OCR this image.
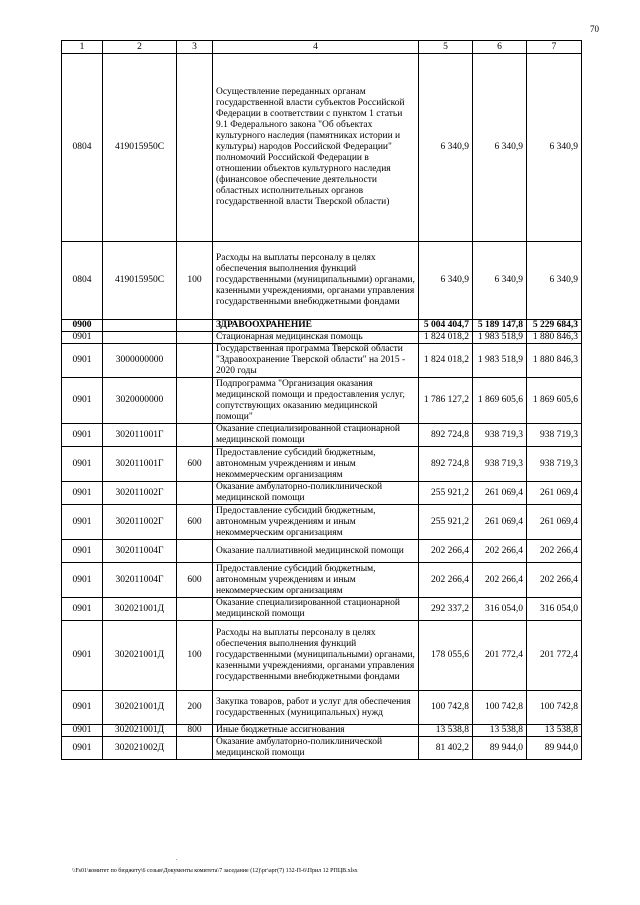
70
1	2	3	4	5	6	7
0804	419015950С		Осуществление переданных органам государственной власти субъектов Российской Федерации в соответствии с пунктом 1 статьи 9.1 Федерального закона "Об объектах культурного наследия (памятниках истории и культуры) народов Российской Федерации" полномочий Российской Федерации в отношении объектов культурного наследия (финансовое обеспечение деятельности областных исполнительных органов государственной власти Тверской области)	6 340,9	6 340,9	6 340,9
0804	419015950С	100	Расходы на выплаты персоналу в целях обеспечения выполнения функций государственными (муниципальными) органами, казенными учреждениями, органами управления государственными внебюджетными фондами	6 340,9	6 340,9	6 340,9
0900			ЗДРАВООХРАНЕНИЕ	5 004 404,7	5 189 147,8	5 229 684,3
0901			Стационарная медицинская помощь	1 824 018,2	1 983 518,9	1 880 846,3
0901	3000000000		Государственная программа Тверской области "Здравоохранение Тверской области" на 2015 - 2020 годы	1 824 018,2	1 983 518,9	1 880 846,3
0901	3020000000		Подпрограмма "Организация оказания медицинской помощи и предоставления услуг, сопутствующих оказанию медицинской помощи"	1 786 127,2	1 869 605,6	1 869 605,6
0901	302011001Г		Оказание специализированной стационарной медицинской помощи	892 724,8	938 719,3	938 719,3
0901	302011001Г	600	Предоставление субсидий бюджетным, автономным учреждениям и иным некоммерческим организациям	892 724,8	938 719,3	938 719,3
0901	302011002Г		Оказание амбулаторно-поликлинической медицинской помощи	255 921,2	261 069,4	261 069,4
0901	302011002Г	600	Предоставление субсидий бюджетным, автономным учреждениям и иным некоммерческим организациям	255 921,2	261 069,4	261 069,4
0901	302011004Г		Оказание паллиативной медицинской помощи	202 266,4	202 266,4	202 266,4
0901	302011004Г	600	Предоставление субсидий бюджетным, автономным учреждениям и иным некоммерческим организациям	202 266,4	202 266,4	202 266,4
0901	302021001Д		Оказание специализированной стационарной медицинской помощи	292 337,2	316 054,0	316 054,0
0901	302021001Д	100	Расходы на выплаты персоналу в целях обеспечения выполнения функций государственными (муниципальными) органами, казенными учреждениями, органами управления государственными внебюджетными фондами	178 055,6	201 772,4	201 772,4
0901	302021001Д	200	Закупка товаров, работ и услуг для обеспечения государственных (муниципальных) нужд	100 742,8	100 742,8	100 742,8
0901	302021001Д	800	Иные бюджетные ассигнования	13 538,8	13 538,8	13 538,8
0901	302021002Д		Оказание амбулаторно-поликлинической медицинской помощи	81 402,2	89 944,0	89 944,0
.
\\Fs01\комитет по бюджету\6 созыв\Документы комитета\7 заседание (12)\рг\арг(7) 132-П-6\Прил 12 РПЦВ.xlsx
